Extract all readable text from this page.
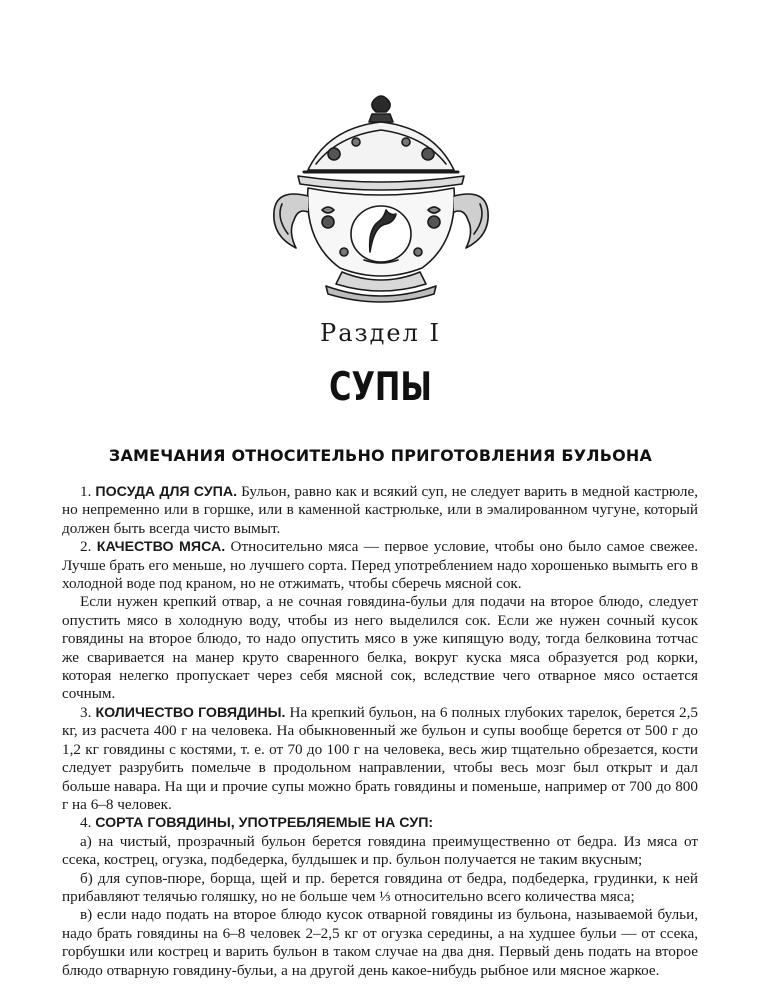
Раздел I
СУПЫ
ЗАМЕЧАНИЯ ОТНОСИТЕЛЬНО ПРИГОТОВЛЕНИЯ БУЛЬОНА

1. ПОСУДА ДЛЯ СУПА. Бульон, равно как и всякий суп, не следует варить в медной кастрюле, но непременно или в горшке, или в каменной кастрюльке, или в эмалированном чугуне, который должен быть всегда чисто вымыт.

2. КАЧЕСТВО МЯСА. Относительно мяса — первое условие, чтобы оно было самое свежее. Лучше брать его меньше, но лучшего сорта. Перед употреблением надо хорошенько вымыть его в холодной воде под краном, но не отжимать, чтобы сберечь мясной сок.

Если нужен крепкий отвар, а не сочная говядина-бульи для подачи на второе блюдо, следует опустить мясо в холодную воду, чтобы из него выделился сок. Если же нужен сочный кусок говядины на второе блюдо, то надо опустить мясо в уже кипящую воду, тогда белковина тотчас же сваривается на манер круто сваренного белка, вокруг куска мяса образуется род корки, которая нелегко пропускает через себя мясной сок, вследствие чего отварное мясо остается сочным.

3. КОЛИЧЕСТВО ГОВЯДИНЫ. На крепкий бульон, на 6 полных глубоких тарелок, берется 2,5 кг, из расчета 400 г на человека. На обыкновенный же бульон и супы вообще берется от 500 г до 1,2 кг говядины с костями, т. е. от 70 до 100 г на человека, весь жир тщательно обрезается, кости следует разрубить помельче в продольном направлении, чтобы весь мозг был открыт и дал больше навара. На щи и прочие супы можно брать говядины и поменьше, например от 700 до 800 г на 6–8 человек.

4. СОРТА ГОВЯДИНЫ, УПОТРЕБЛЯЕМЫЕ НА СУП:

а) на чистый, прозрачный бульон берется говядина преимущественно от бедра. Из мяса от ссека, кострец, огузка, подбедерка, булдышек и пр. бульон получается не таким вкусным;

б) для супов-пюре, борща, щей и пр. берется говядина от бедра, подбедерка, грудинки, к ней прибавляют телячью голяшку, но не больше чем ⅓ относительно всего количества мяса;

в) если надо подать на второе блюдо кусок отварной говядины из бульона, называемой бульи, надо брать говядины на 6–8 человек 2–2,5 кг от огузка середины, а на худшее бульи — от ссека, горбушки или кострец и варить бульон в таком случае на два дня. Первый день подать на второе блюдо отварную говядину-бульи, а на другой день какое-нибудь рыбное или мясное жаркое.
